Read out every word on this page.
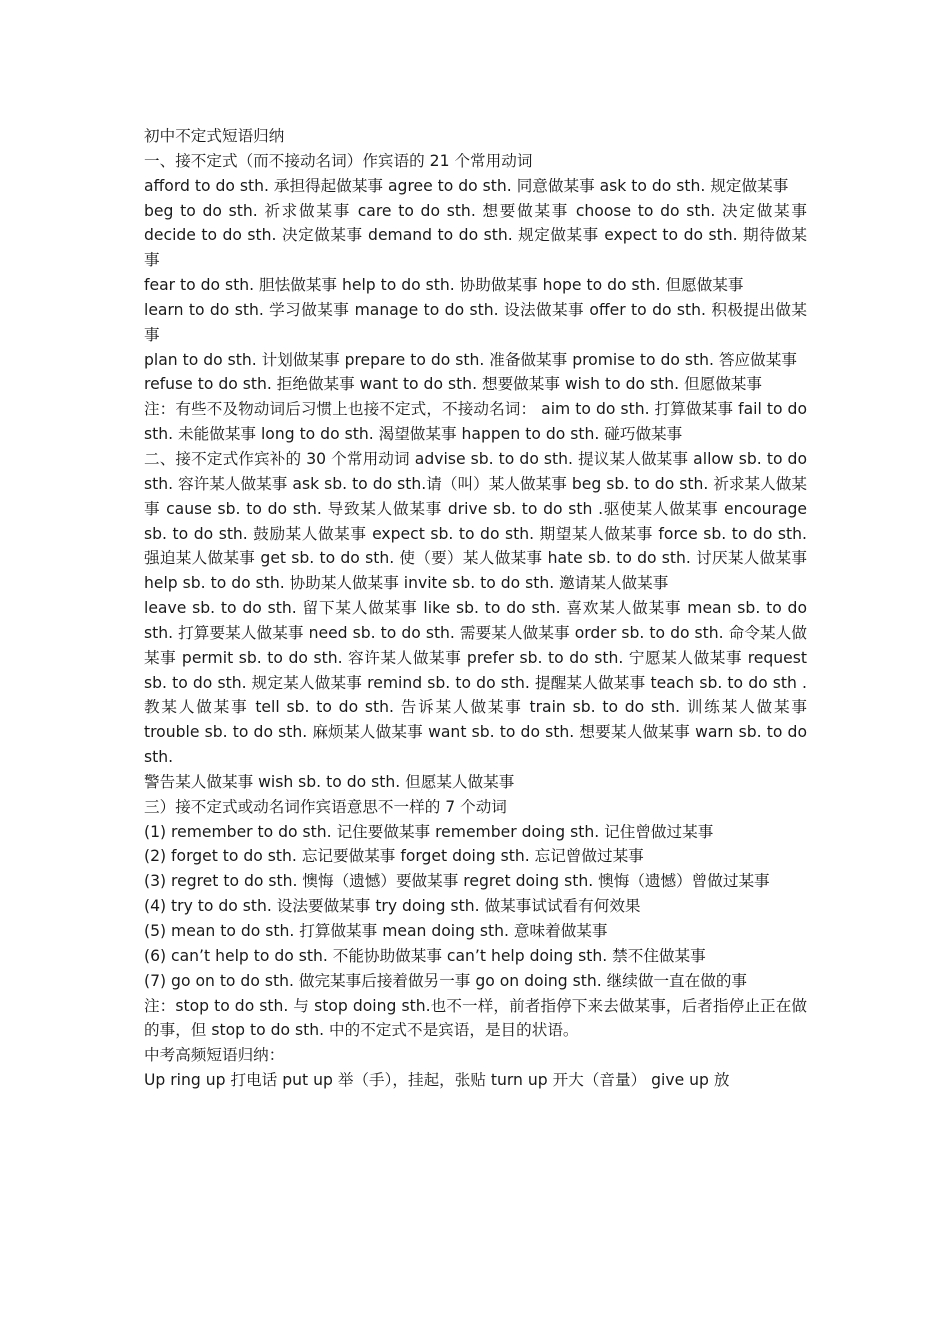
初中不定式短语归纳

一、接不定式（而不接动名词）作宾语的 21 个常用动词

afford to do sth. 承担得起做某事 agree to do sth. 同意做某事 ask to do sth. 规定做某事

beg to do sth. 祈求做某事 care to do sth. 想要做某事 choose to do sth. 决定做某事 decide to do sth. 决定做某事 demand to do sth. 规定做某事 expect to do sth. 期待做某事

fear to do sth. 胆怯做某事 help to do sth. 协助做某事 hope to do sth. 但愿做某事

learn to do sth. 学习做某事 manage to do sth. 设法做某事 offer to do sth. 积极提出做某事

plan to do sth. 计划做某事 prepare to do sth. 准备做某事 promise to do sth. 答应做某事

refuse to do sth. 拒绝做某事 want to do sth. 想要做某事 wish to do sth. 但愿做某事

注：有些不及物动词后习惯上也接不定式，不接动名词： aim to do sth. 打算做某事 fail to do sth. 未能做某事 long to do sth. 渴望做某事 happen to do sth. 碰巧做某事

二、接不定式作宾补的 30 个常用动词 advise sb. to do sth. 提议某人做某事 allow sb. to do sth. 容许某人做某事 ask sb. to do sth.请（叫）某人做某事 beg sb. to do sth. 祈求某人做某事 cause sb. to do sth. 导致某人做某事 drive sb. to do sth .驱使某人做某事 encourage sb. to do sth. 鼓励某人做某事 expect sb. to do sth. 期望某人做某事 force sb. to do sth. 强迫某人做某事 get sb. to do sth. 使（要）某人做某事 hate sb. to do sth. 讨厌某人做某事 help sb. to do sth. 协助某人做某事 invite sb. to do sth. 邀请某人做某事

leave sb. to do sth. 留下某人做某事 like sb. to do sth. 喜欢某人做某事 mean sb. to do sth. 打算要某人做某事 need sb. to do sth. 需要某人做某事 order sb. to do sth. 命令某人做某事 permit sb. to do sth. 容许某人做某事 prefer sb. to do sth. 宁愿某人做某事 request sb. to do sth. 规定某人做某事 remind sb. to do sth. 提醒某人做某事 teach sb. to do sth .教某人做某事 tell sb. to do sth. 告诉某人做某事 train sb. to do sth. 训练某人做某事 trouble sb. to do sth. 麻烦某人做某事 want sb. to do sth. 想要某人做某事 warn sb. to do sth.

警告某人做某事 wish sb. to do sth. 但愿某人做某事

三）接不定式或动名词作宾语意思不一样的 7 个动词

(1) remember to do sth. 记住要做某事 remember doing sth. 记住曾做过某事

(2) forget to do sth. 忘记要做某事 forget doing sth. 忘记曾做过某事

(3) regret to do sth. 懊悔（遗憾）要做某事 regret doing sth. 懊悔（遗憾）曾做过某事

(4) try to do sth. 设法要做某事 try doing sth. 做某事试试看有何效果

(5) mean to do sth. 打算做某事 mean doing sth. 意味着做某事

(6) can’t help to do sth. 不能协助做某事 can’t help doing sth. 禁不住做某事

(7) go on to do sth. 做完某事后接着做另一事 go on doing sth. 继续做一直在做的事

注：stop to do sth. 与 stop doing sth.也不一样，前者指停下来去做某事，后者指停止正在做的事，但 stop to do sth. 中的不定式不是宾语，是目的状语。

中考高频短语归纳：

Up ring up 打电话 put up 举（手），挂起，张贴 turn up 开大（音量） give up 放
